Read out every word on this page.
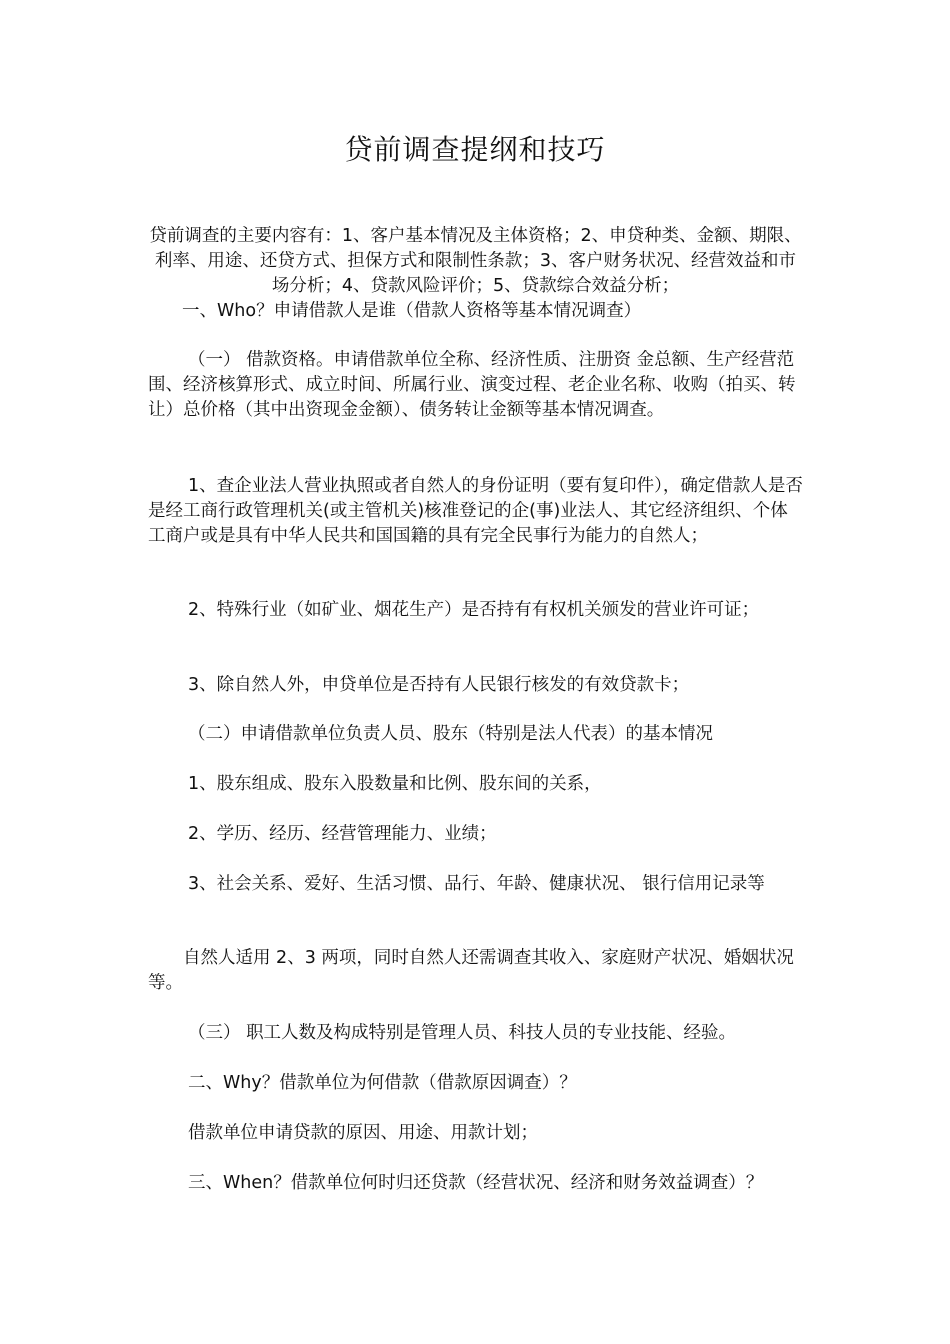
贷前调查提纲和技巧

贷前调查的主要内容有：1、客户基本情况及主体资格；2、申贷种类、金额、期限、利率、用途、还贷方式、担保方式和限制性条款；3、客户财务状况、经营效益和市场分析；4、贷款风险评价；5、贷款综合效益分析；

一、Who？申请借款人是谁（借款人资格等基本情况调查）

（一） 借款资格。申请借款单位全称、经济性质、注册资 金总额、生产经营范围、经济核算形式、成立时间、所属行业、演变过程、老企业名称、收购（拍买、转让）总价格（其中出资现金金额）、债务转让金额等基本情况调查。

1、查企业法人营业执照或者自然人的身份证明（要有复印件），确定借款人是否是经工商行政管理机关(或主管机关)核准登记的企(事)业法人、其它经济组织、个体工商户或是具有中华人民共和国国籍的具有完全民事行为能力的自然人；

2、特殊行业（如矿业、烟花生产）是否持有有权机关颁发的营业许可证；

3、除自然人外，申贷单位是否持有人民银行核发的有效贷款卡；

（二）申请借款单位负责人员、股东（特别是法人代表）的基本情况

1、股东组成、股东入股数量和比例、股东间的关系，

2、学历、经历、经营管理能力、业绩；

3、社会关系、爱好、生活习惯、品行、年龄、健康状况、 银行信用记录等

自然人适用 2、3 两项，同时自然人还需调查其收入、家庭财产状况、婚姻状况等。

（三） 职工人数及构成特别是管理人员、科技人员的专业技能、经验。

二、Why？借款单位为何借款（借款原因调查）？

借款单位申请贷款的原因、用途、用款计划；

三、When？借款单位何时归还贷款（经营状况、经济和财务效益调查）？
